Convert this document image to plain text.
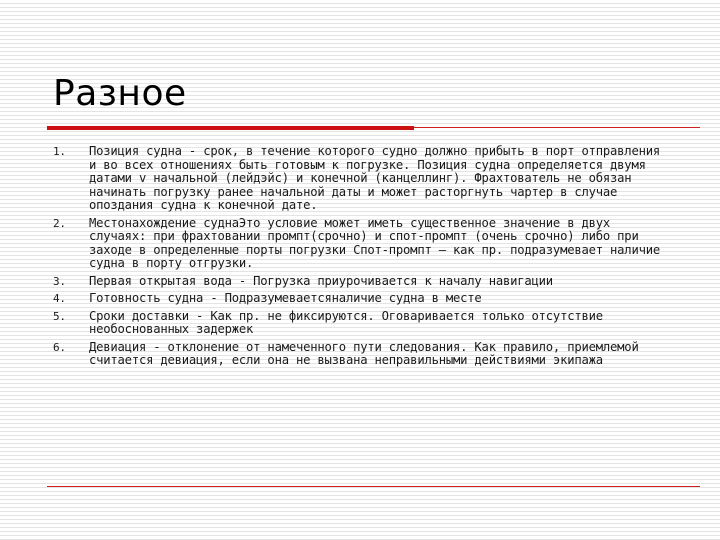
Разное
1.	Позиция судна - срок, в течение которого судно должно прибыть в порт отправления и во всех отношениях быть готовым к погрузке. Позиция судна определяется двумя датами v начальной (лейдэйс) и конечной (канцеллинг). Фрахтователь не обязан начинать погрузку ранее начальной даты и может расторгнуть чартер в случае опоздания судна к конечной дате.
2.	Местонахождение суднаЭто условие может иметь существенное значение в двух случаях: при фрахтовании промпт(срочно) и спот-промпт (очень срочно) либо при заходе в определенные порты погрузки Спот-промпт – как пр. подразумевает наличие судна в порту отгрузки.
3.	Первая открытая вода - Погрузка приурочивается к началу навигации
4.	Готовность судна - Подразумеваетсяналичие судна в месте
5.	Сроки доставки - Как пр. не фиксируются. Оговаривается только отсутствие необоснованных задержек
6.	Девиация - отклонение от намеченного пути следования. Как правило, приемлемой считается девиация, если она не вызвана неправильными действиями экипажа
